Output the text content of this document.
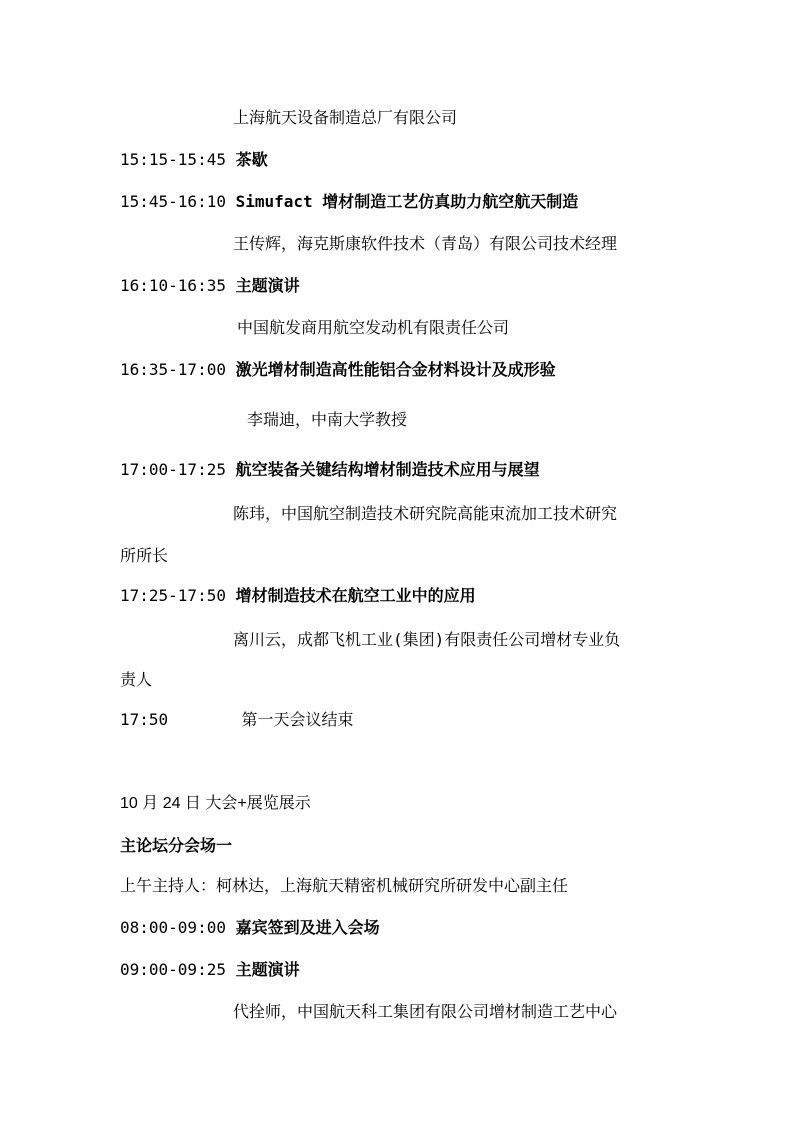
上海航天设备制造总厂有限公司
15:15-15:45 茶歇
15:45-16:10 Simufact 增材制造工艺仿真助力航空航天制造
王传辉，海克斯康软件技术（青岛）有限公司技术经理
16:10-16:35 主题演讲
中国航发商用航空发动机有限责任公司
16:35-17:00 激光增材制造高性能铝合金材料设计及成形验
李瑞迪，中南大学教授
17:00-17:25 航空装备关键结构增材制造技术应用与展望
陈玮，中国航空制造技术研究院高能束流加工技术研究
所所长
17:25-17:50 增材制造技术在航空工业中的应用
离川云，成都飞机工业(集团)有限责任公司增材专业负
责人
17:50	第一天会议结束
10 月 24 日 大会+展览展示
主论坛分会场一
上午主持人：柯林达，上海航天精密机械研究所研发中心副主任
08:00-09:00 嘉宾签到及进入会场
09:00-09:25 主题演讲
代拴师，中国航天科工集团有限公司增材制造工艺中心
